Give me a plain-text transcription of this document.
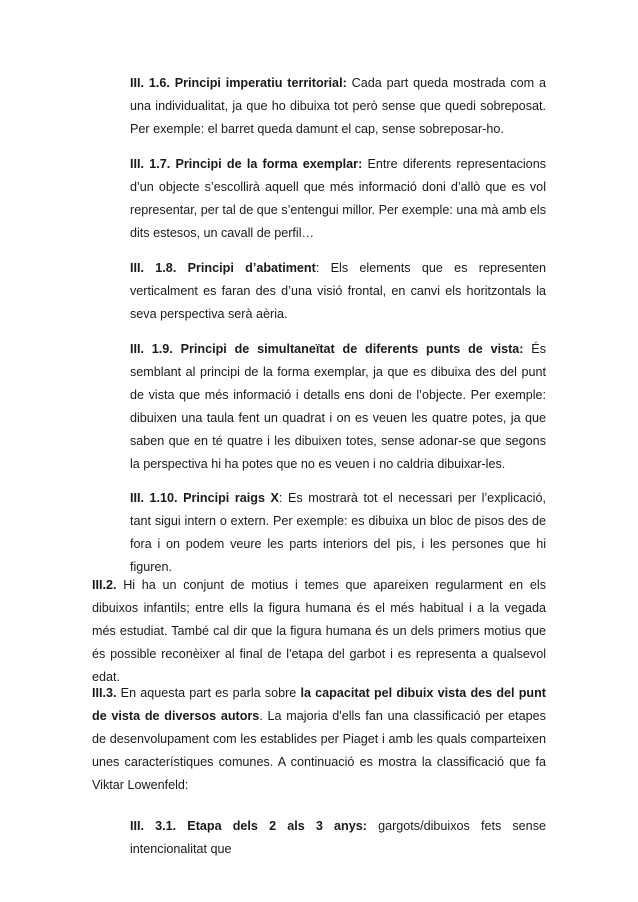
III. 1.6. Principi imperatiu territorial: Cada part queda mostrada com a una individualitat, ja que ho dibuixa tot però sense que quedi sobreposat. Per exemple: el barret queda damunt el cap, sense sobreposar-ho.

III. 1.7. Principi de la forma exemplar: Entre diferents representacions d’un objecte s’escollirà aquell que més informació doni d’allò que es vol representar, per tal de que s’entengui millor. Per exemple: una mà amb els dits estesos, un cavall de perfil…

III. 1.8. Principi d’abatiment: Els elements que es representen verticalment es faran des d’una visió frontal, en canvi els horitzontals la seva perspectiva serà aèria.

III. 1.9. Principi de simultaneïtat de diferents punts de vista: És semblant al principi de la forma exemplar, ja que es dibuixa des del punt de vista que més informació i detalls ens doni de l’objecte. Per exemple: dibuixen una taula fent un quadrat i on es veuen les quatre potes, ja que saben que en té quatre i les dibuixen totes, sense adonar-se que segons la perspectiva hi ha potes que no es veuen i no caldria dibuixar-les.

III. 1.10. Principi raigs X: Es mostrarà tot el necessari per l’explicació, tant sigui intern o extern. Per exemple: es dibuixa un bloc de pisos des de fora i on podem veure les parts interiors del pis, i les persones que hi figuren.

III.2. Hi ha un conjunt de motius i temes que apareixen regularment en els dibuixos infantils; entre ells la figura humana és el més habitual i a la vegada més estudiat. També cal dir que la figura humana és un dels primers motius que és possible reconèixer al final de l'etapa del garbot i es representa a qualsevol edat.

III.3. En aquesta part es parla sobre la capacitat pel dibuix vista des del punt de vista de diversos autors. La majoria d'ells fan una classificació per etapes de desenvolupament com les establides per Piaget i amb les quals comparteixen unes característiques comunes. A continuació es mostra la classificació que fa Viktar Lowenfeld:

III. 3.1. Etapa dels 2 als 3 anys: gargots/dibuixos fets sense intencionalitat que
